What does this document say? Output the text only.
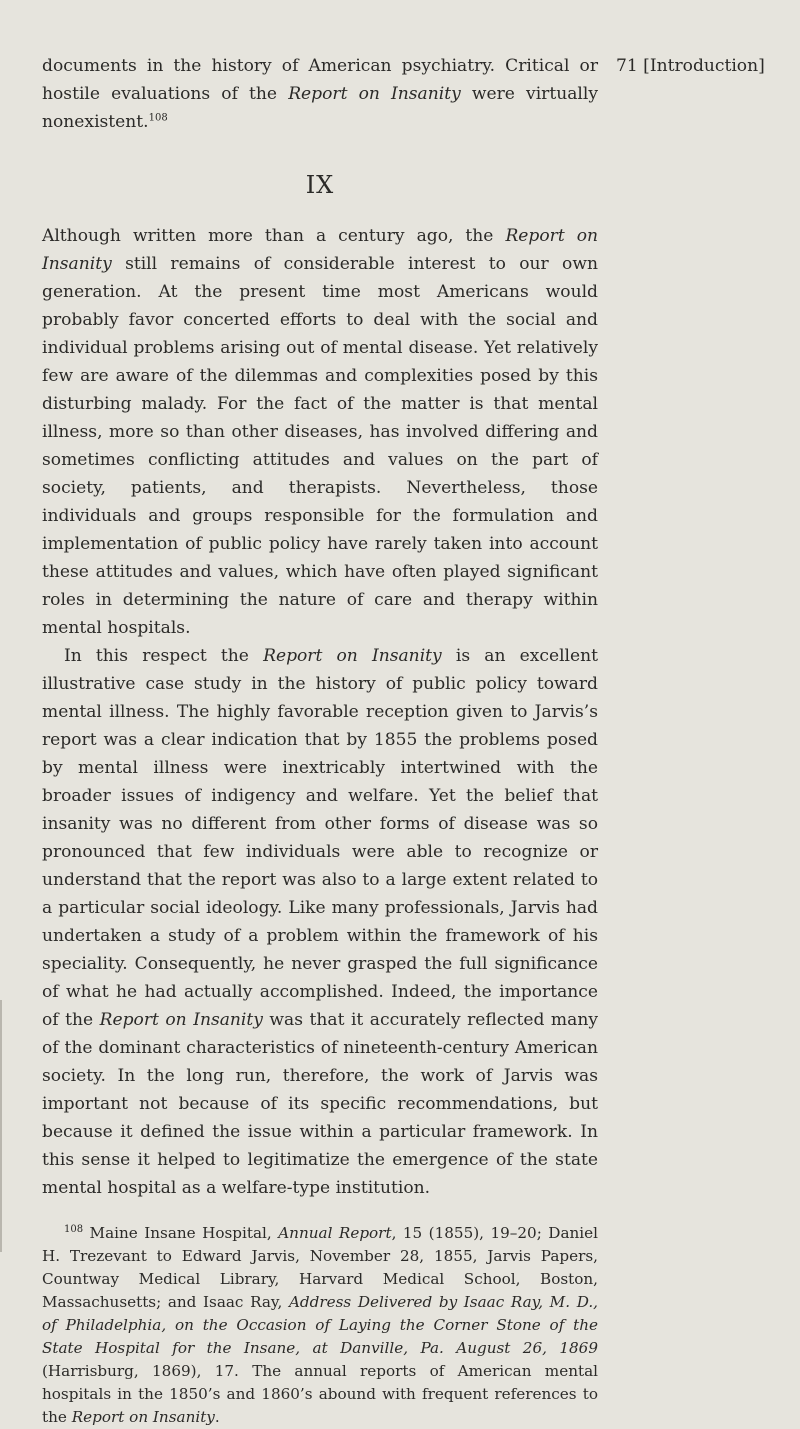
documents in the history of American psychiatry. Critical or hostile evaluations of the Report on Insanity were virtually nonexistent.$^{108}$

IX

Although written more than a century ago, the Report on Insanity still remains of considerable interest to our own generation. At the present time most Americans would probably favor concerted efforts to deal with the social and individual problems arising out of mental disease. Yet relatively few are aware of the dilemmas and complexities posed by this disturbing malady. For the fact of the matter is that mental illness, more so than other diseases, has involved differing and sometimes conflicting attitudes and values on the part of society, patients, and therapists. Nevertheless, those individuals and groups responsible for the formulation and implementation of public policy have rarely taken into account these attitudes and values, which have often played significant roles in determining the nature of care and therapy within mental hospitals.

In this respect the Report on Insanity is an excellent illustrative case study in the history of public policy toward mental illness. The highly favorable reception given to Jarvis’s report was a clear indication that by 1855 the problems posed by mental illness were inextricably intertwined with the broader issues of indigency and welfare. Yet the belief that insanity was no different from other forms of disease was so pronounced that few individuals were able to recognize or understand that the report was also to a large extent related to a particular social ideology. Like many professionals, Jarvis had undertaken a study of a problem within the framework of his speciality. Consequently, he never grasped the full significance of what he had actually accomplished. Indeed, the importance of the Report on Insanity was that it accurately reflected many of the dominant characteristics of nineteenth-century American society. In the long run, therefore, the work of Jarvis was important not because of its specific recommendations, but because it defined the issue within a particular framework. In this sense it helped to legitimatize the emergence of the state mental hospital as a welfare-type institution.

$^{108}$ Maine Insane Hospital, Annual Report, 15 (1855), 19–20; Daniel H. Trezevant to Edward Jarvis, November 28, 1855, Jarvis Papers, Countway Medical Library, Harvard Medical School, Boston, Massachusetts; and Isaac Ray, Address Delivered by Isaac Ray, M. D., of Philadelphia, on the Occasion of Laying the Corner Stone of the State Hospital for the Insane, at Danville, Pa. August 26, 1869 (Harrisburg, 1869), 17. The annual reports of American mental hospitals in the 1850’s and 1860’s abound with frequent references to the Report on Insanity.

71 [Introduction]
